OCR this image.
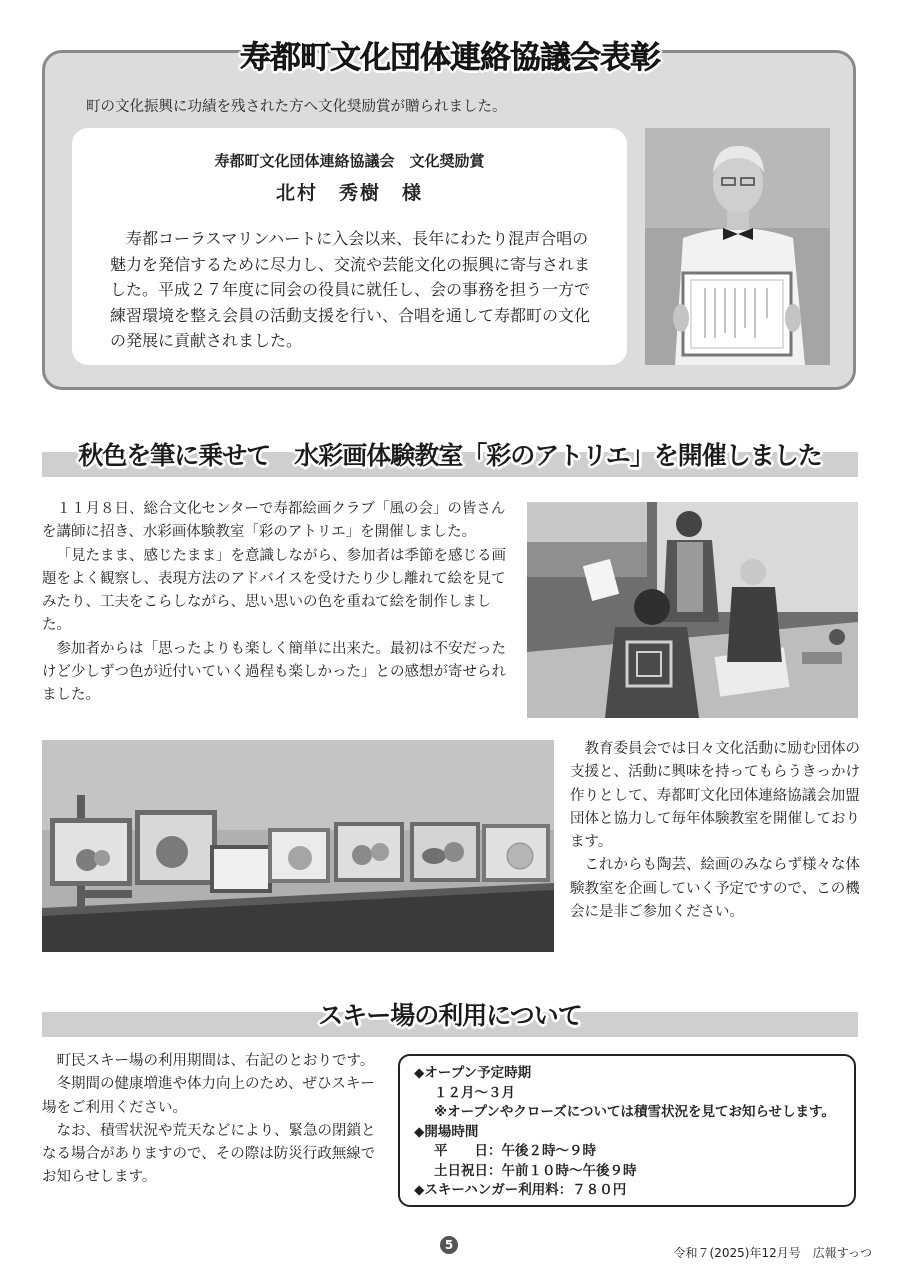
寿都町文化団体連絡協議会表彰
町の文化振興に功績を残された方へ文化奨励賞が贈られました。
寿都町文化団体連絡協議会　文化奨励賞
北村　秀樹　様
寿都コーラスマリンハートに入会以来、長年にわたり混声合唱の魅力を発信するために尽力し、交流や芸能文化の振興に寄与されました。平成２７年度に同会の役員に就任し、会の事務を担う一方で練習環境を整え会員の活動支援を行い、合唱を通して寿都町の文化の発展に貢献されました。
秋色を筆に乗せて　水彩画体験教室「彩のアトリエ」を開催しました

１１月８日、総合文化センターで寿都絵画クラブ「風の会」の皆さんを講師に招き、水彩画体験教室「彩のアトリエ」を開催しました。

「見たまま、感じたまま」を意識しながら、参加者は季節を感じる画題をよく観察し、表現方法のアドバイスを受けたり少し離れて絵を見てみたり、工夫をこらしながら、思い思いの色を重ねて絵を制作しました。

参加者からは「思ったよりも楽しく簡単に出来た。最初は不安だったけど少しずつ色が近付いていく過程も楽しかった」との感想が寄せられました。

教育委員会では日々文化活動に励む団体の支援と、活動に興味を持ってもらうきっかけ作りとして、寿都町文化団体連絡協議会加盟団体と協力して毎年体験教室を開催しております。

これからも陶芸、絵画のみならず様々な体験教室を企画していく予定ですので、この機会に是非ご参加ください。

スキー場の利用について

町民スキー場の利用期間は、右記のとおりです。

冬期間の健康増進や体力向上のため、ぜひスキー場をご利用ください。

なお、積雪状況や荒天などにより、緊急の閉鎖となる場合がありますので、その際は防災行政無線でお知らせします。

◆オープン予定時期
１２月～３月
※オープンやクローズについては積雪状況を見てお知らせします。
◆開場時間
平　　日：午後２時～９時
土日祝日：午前１０時～午後９時
◆スキーハンガー利用料：７８０円
5
令和７(2025)年12月号　広報すっつ
